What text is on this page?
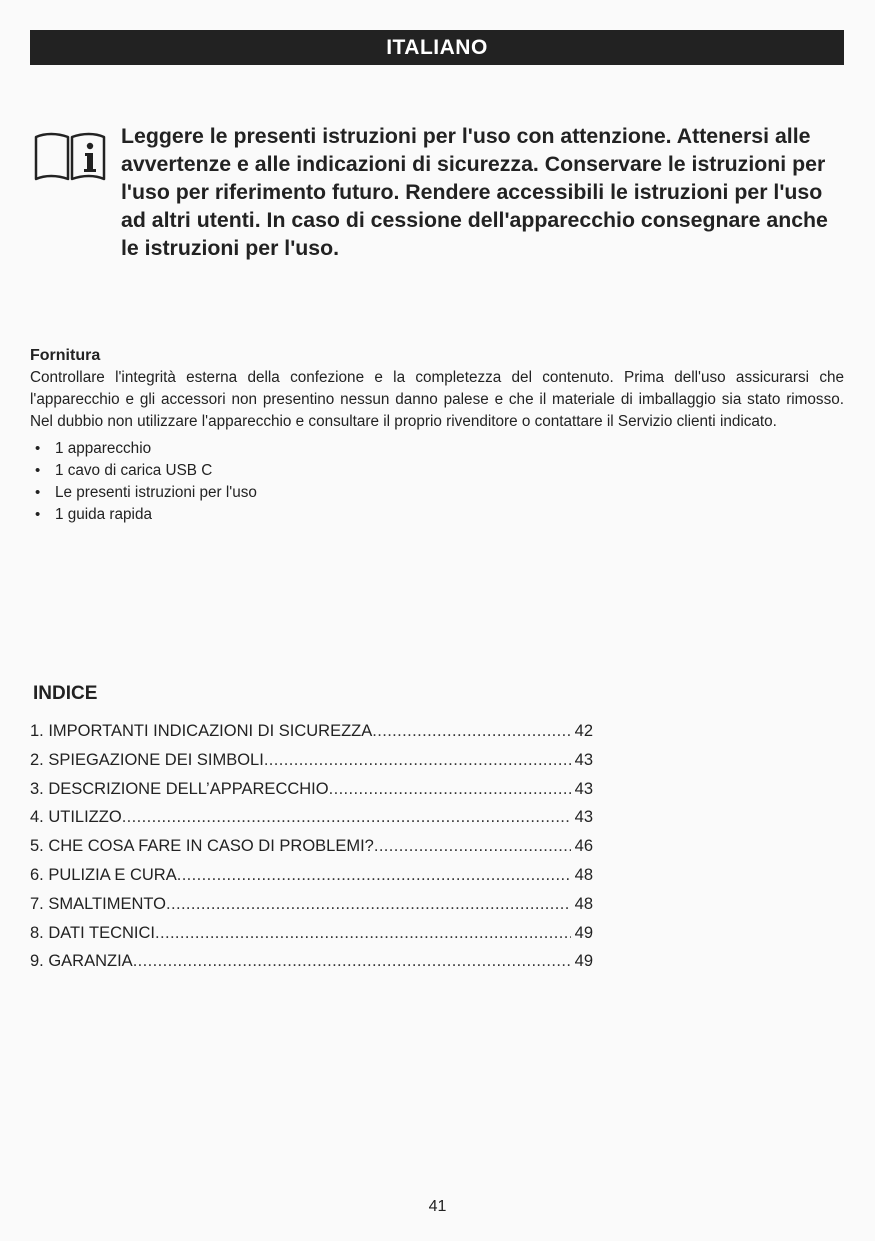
ITALIANO
Leggere le presenti istruzioni per l'uso con attenzione. Attenersi alle avvertenze e alle indicazioni di sicurezza. Conservare le istruzioni per l'uso per riferimento futuro. Rendere accessibili le istruzioni per l'uso ad altri utenti. In caso di cessione dell'apparecchio consegnare anche le istruzioni per l'uso.
Fornitura

Controllare l'integrità esterna della confezione e la completezza del contenuto. Prima dell'uso assicurarsi che l'apparecchio e gli accessori non presentino nessun danno palese e che il materiale di imballaggio sia stato rimosso. Nel dubbio non utilizzare l'apparecchio e consultare il proprio rivenditore o contattare il Servizio clienti indicato.

• 1 apparecchio
• 1 cavo di carica USB C
• Le presenti istruzioni per l'uso
• 1 guida rapida
INDICE
1. IMPORTANTI INDICAZIONI DI SICUREZZA .....	42
2. SPIEGAZIONE DEI SIMBOLI .....	43
3. DESCRIZIONE DELL’APPARECCHIO .....	43
4. UTILIZZO .....	43
5. CHE COSA FARE IN CASO DI PROBLEMI? .....	46
6. PULIZIA E CURA .....	48
7. SMALTIMENTO .....	48
8. DATI TECNICI .....	49
9. GARANZIA .....	49
41
